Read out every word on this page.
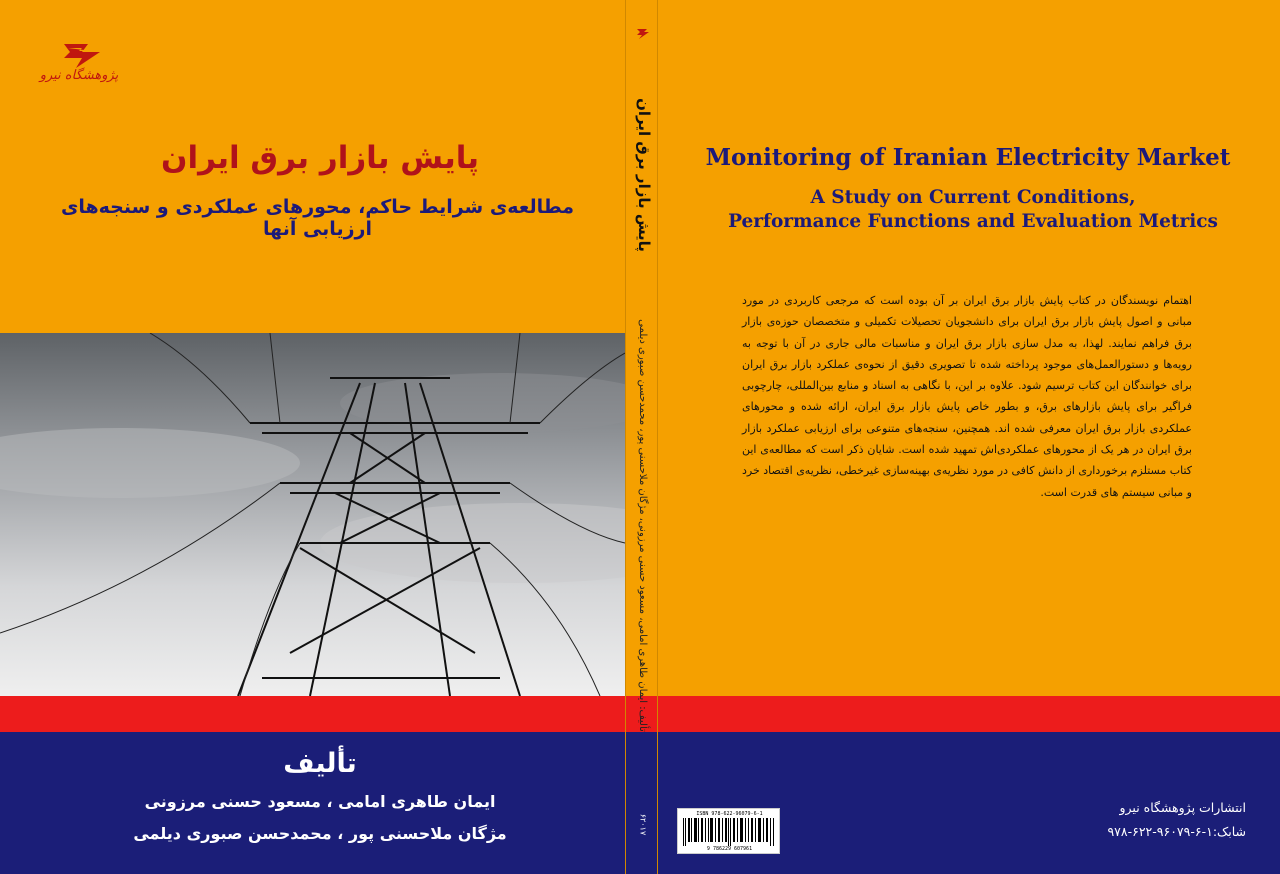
پژوهشگاه نیرو
پایش بازار برق ایران
مطالعه‌ی شرایط حاکم، محورهای عملکردی و سنجه‌های ارزیابی آنها
تألیف
ایمان طاهری امامی ، مسعود حسنی مرزونی
مژگان ملاحسنی پور ، محمدحسن صبوری دیلمی
پایش بازار برق ایران
تألیف: ایمان طاهری امامی، مسعود حسنی مرزونی، مژگان ملاحسنی پور، محمدحسن صبوری دیلمی
۶۲۰۱۷
Monitoring of Iranian Electricity Market
A Study on Current Conditions,
Performance Functions and Evaluation Metrics

اهتمام نویسندگان در کتاب پایش بازار برق ایران بر آن بوده است که مرجعی کاربردی در مورد مبانی و اصول پایش بازار برق ایران برای دانشجویان تحصیلات تکمیلی و متخصصان حوزه‌ی بازار برق فراهم نمایند. لهذا، به مدل سازی بازار برق ایران و مناسبات مالی جاری در آن با توجه به رویه‌ها و دستورالعمل‌های موجود پرداخته شده تا تصویری دقیق از نحوه‌ی عملکرد بازار برق ایران برای خوانندگان این کتاب ترسیم شود. علاوه بر این، با نگاهی به اسناد و منابع بین‌المللی، چارچوبی فراگیر برای پایش بازارهای برق، و بطور خاص پایش بازار برق ایران، ارائه شده و محورهای عملکردی بازار برق ایران معرفی شده اند. همچنین، سنجه‌های متنوعی برای ارزیابی عملکرد بازار برق ایران در هر یک از محورهای عملکردی‌اش تمهید شده است. شایان ذکر است که مطالعه‌ی این کتاب مستلزم برخورداری از دانش کافی در مورد نظریه‌ی بهینه‌سازی غیرخطی، نظریه‌ی اقتصاد خرد و مبانی سیستم های قدرت است.

انتشارات پژوهشگاه نیرو
شابک:۱-۶-۹۶۰۷۹-۶۲۲-۹۷۸
ISBN 978-622-96079-6-1
9 786229 607961
